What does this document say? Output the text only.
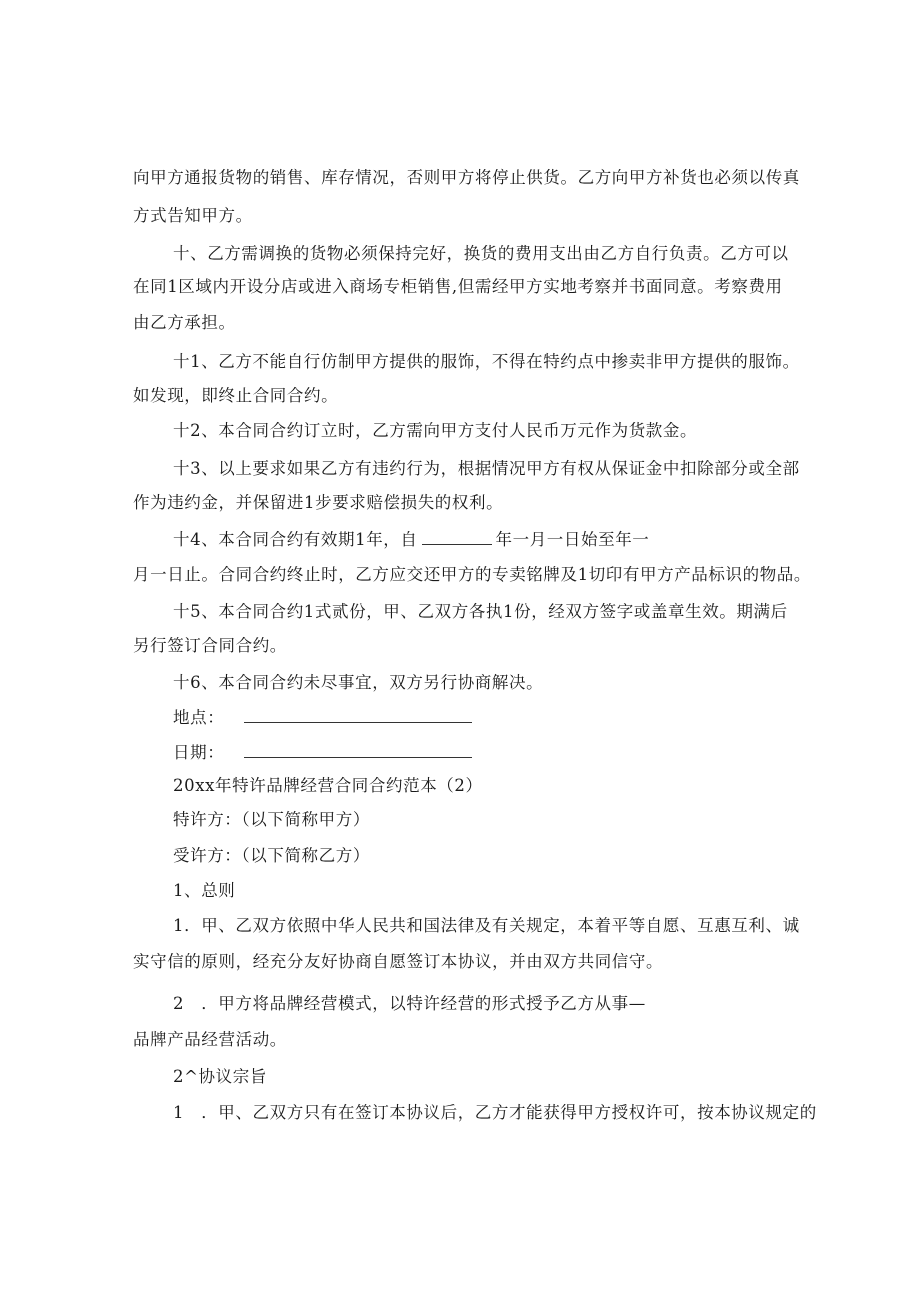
向甲方通报货物的销售、库存情况，否则甲方将停止供货。乙方向甲方补货也必须以传真
方式告知甲方。
十、乙方需调换的货物必须保持完好，换货的费用支出由乙方自行负责。乙方可以
在同1区域内开设分店或进入商场专柜销售,但需经甲方实地考察并书面同意。考察费用
由乙方承担。
十1、乙方不能自行仿制甲方提供的服饰，不得在特约点中掺卖非甲方提供的服饰。
如发现，即终止合同合约。
十2、本合同合约订立时，乙方需向甲方支付人民币万元作为货款金。
十3、以上要求如果乙方有违约行为，根据情况甲方有权从保证金中扣除部分或全部
作为违约金，并保留进1步要求赔偿损失的权利。
十4、本合同合约有效期1年，自	年一月一日始至年一
月一日止。合同合约终止时，乙方应交还甲方的专卖铭牌及1切印有甲方产品标识的物品。
十5、本合同合约1式贰份，甲、乙双方各执1份，经双方签字或盖章生效。期满后
另行签订合同合约。
十6、本合同合约未尽事宜，双方另行协商解决。
地点：
日期：
20xx年特许品牌经营合同合约范本（2）
特许方：（以下简称甲方）
受许方：（以下简称乙方）
1、总则
1．甲、乙双方依照中华人民共和国法律及有关规定，本着平等自愿、互惠互利、诚
实守信的原则，经充分友好协商自愿签订本协议，并由双方共同信守。
2　．甲方将品牌经营模式，以特许经营的形式授予乙方从事—
品牌产品经营活动。
2^协议宗旨
1　．甲、乙双方只有在签订本协议后，乙方才能获得甲方授权许可，按本协议规定的
